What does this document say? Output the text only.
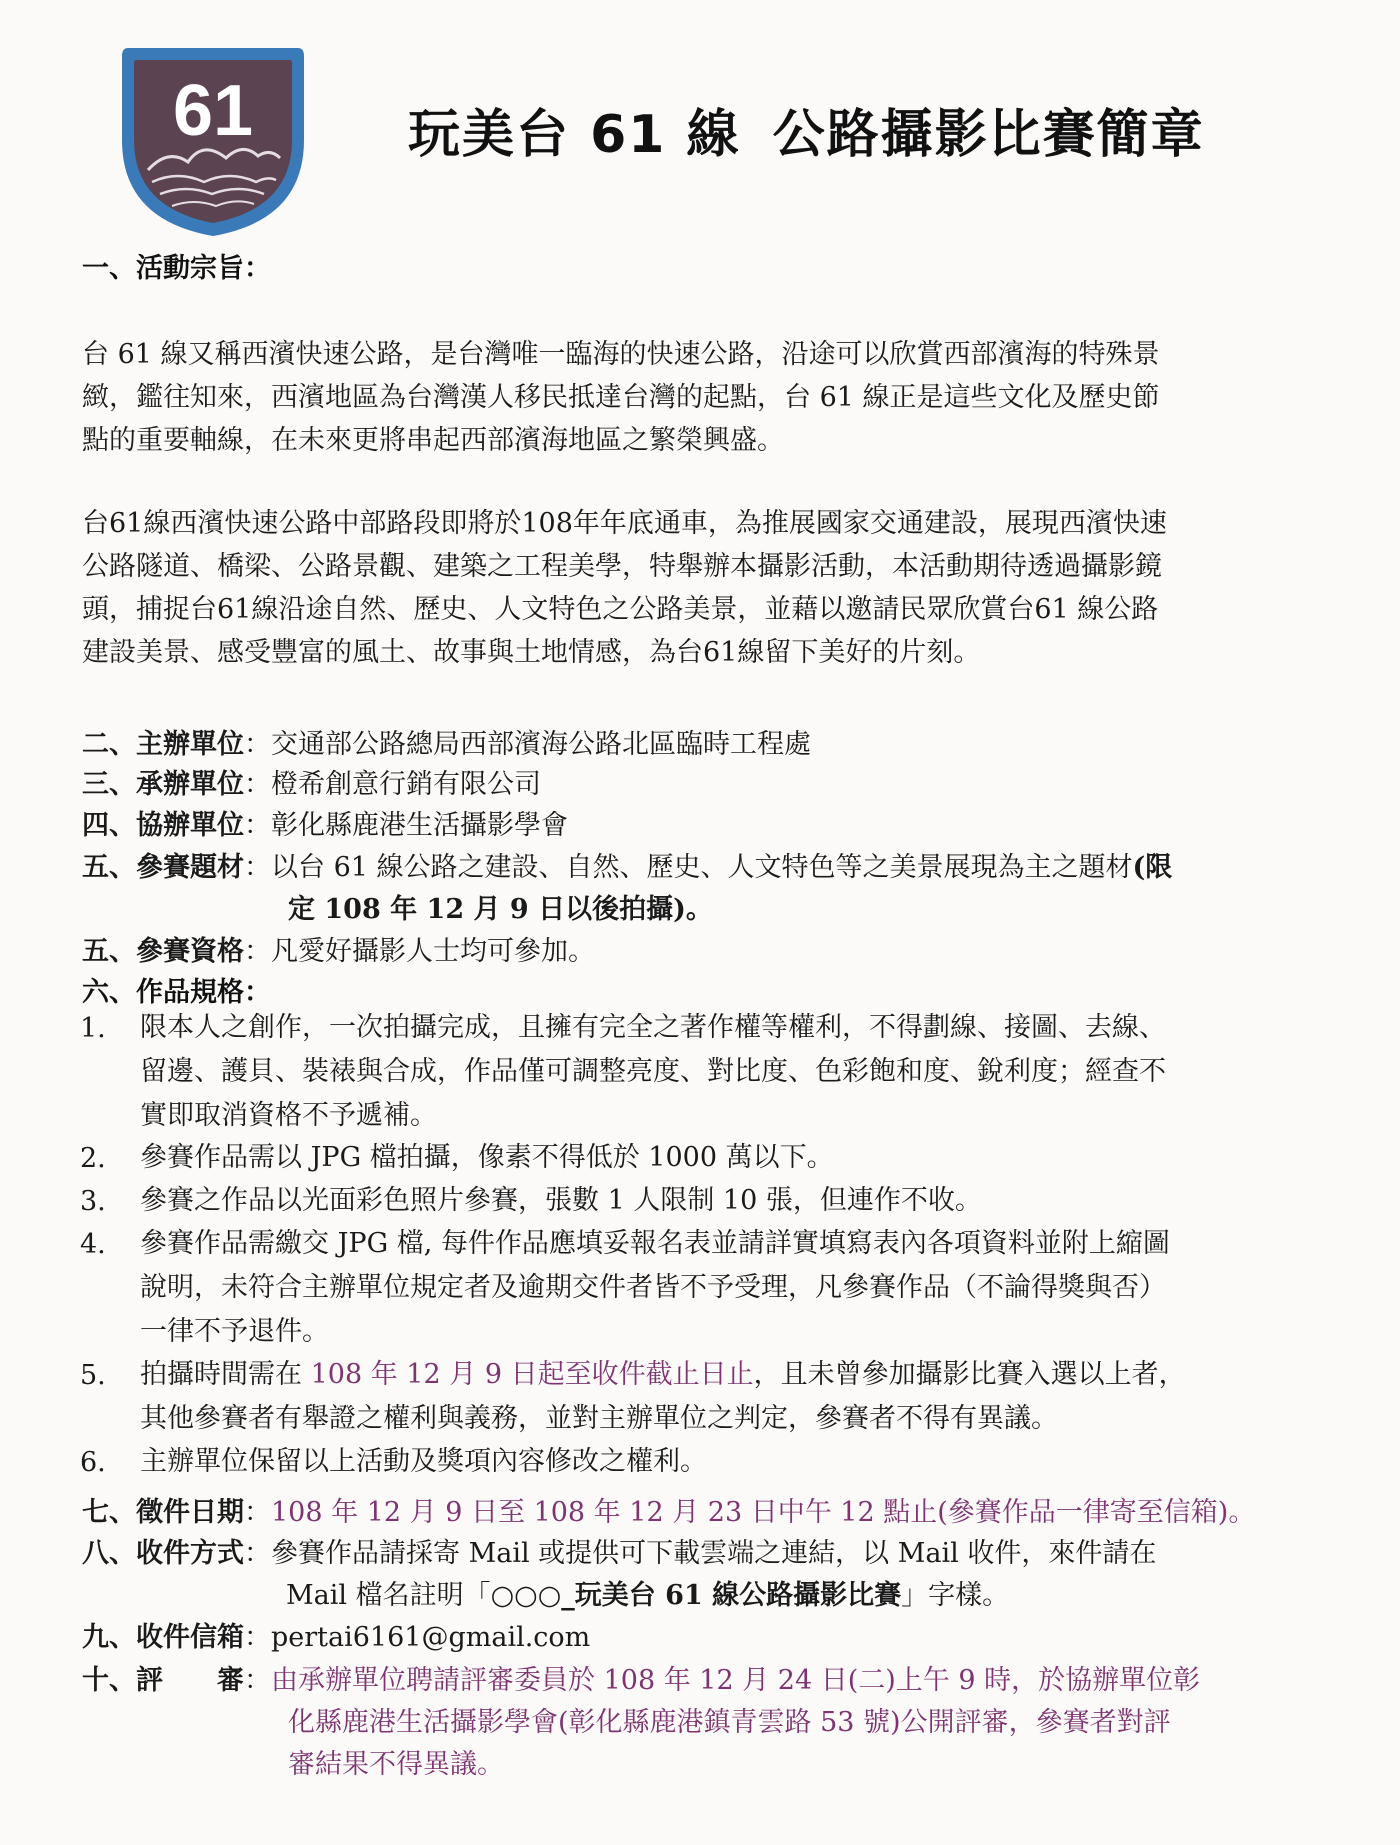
61	玩美台 61 線 公路攝影比賽簡章
一、活動宗旨：
台 61 線又稱西濱快速公路，是台灣唯一臨海的快速公路，沿途可以欣賞西部濱海的特殊景
緻，鑑往知來，西濱地區為台灣漢人移民抵達台灣的起點，台 61 線正是這些文化及歷史節
點的重要軸線，在未來更將串起西部濱海地區之繁榮興盛。
台61線西濱快速公路中部路段即將於108年年底通車，為推展國家交通建設，展現西濱快速
公路隧道、橋梁、公路景觀、建築之工程美學，特舉辦本攝影活動，本活動期待透過攝影鏡
頭，捕捉台61線沿途自然、歷史、人文特色之公路美景，並藉以邀請民眾欣賞台61 線公路
建設美景、感受豐富的風土、故事與土地情感，為台61線留下美好的片刻。
二、主辦單位：交通部公路總局西部濱海公路北區臨時工程處
三、承辦單位：橙希創意行銷有限公司
四、協辦單位：彰化縣鹿港生活攝影學會
五、參賽題材：以台 61 線公路之建設、自然、歷史、人文特色等之美景展現為主之題材(限
定 108 年 12 月 9 日以後拍攝)。
五、參賽資格：凡愛好攝影人士均可參加。
六、作品規格：
1. 限本人之創作，一次拍攝完成，且擁有完全之著作權等權利，不得劃線、接圖、去線、
留邊、護貝、裝裱與合成，作品僅可調整亮度、對比度、色彩飽和度、銳利度；經查不
實即取消資格不予遞補。
2. 參賽作品需以 JPG 檔拍攝，像素不得低於 1000 萬以下。
3. 參賽之作品以光面彩色照片參賽，張數 1 人限制 10 張，但連作不收。
4. 參賽作品需繳交 JPG 檔, 每件作品應填妥報名表並請詳實填寫表內各項資料並附上縮圖
說明，未符合主辦單位規定者及逾期交件者皆不予受理，凡參賽作品（不論得獎與否）
一律不予退件。
5. 拍攝時間需在 108 年 12 月 9 日起至收件截止日止，且未曾參加攝影比賽入選以上者，
其他參賽者有舉證之權利與義務，並對主辦單位之判定，參賽者不得有異議。
6. 主辦單位保留以上活動及獎項內容修改之權利。
七、徵件日期：108 年 12 月 9 日至 108 年 12 月 23 日中午 12 點止(參賽作品一律寄至信箱)。
八、收件方式：參賽作品請採寄 Mail 或提供可下載雲端之連結，以 Mail 收件，來件請在
Mail 檔名註明「○○○_玩美台 61 線公路攝影比賽」字樣。
九、收件信箱：pertai6161@gmail.com
十、評　　審：由承辦單位聘請評審委員於 108 年 12 月 24 日(二)上午 9 時，於協辦單位彰
化縣鹿港生活攝影學會(彰化縣鹿港鎮青雲路 53 號)公開評審，參賽者對評
審結果不得異議。
